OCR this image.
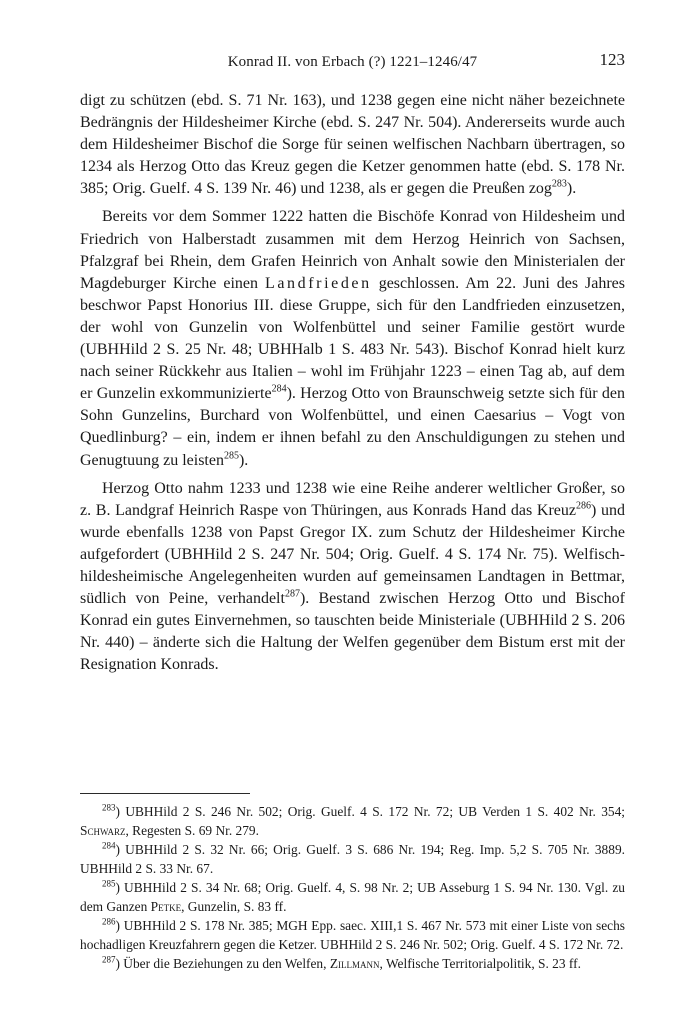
Konrad II. von Erbach (?) 1221–1246/47	123

digt zu schützen (ebd. S. 71 Nr. 163), und 1238 gegen eine nicht näher bezeichnete Bedrängnis der Hildesheimer Kirche (ebd. S. 247 Nr. 504). Andererseits wurde auch dem Hildesheimer Bischof die Sorge für seinen welfischen Nachbarn übertragen, so 1234 als Herzog Otto das Kreuz gegen die Ketzer genommen hatte (ebd. S. 178 Nr. 385; Orig. Guelf. 4 S. 139 Nr. 46) und 1238, als er gegen die Preußen zog$^{283}$).

Bereits vor dem Sommer 1222 hatten die Bischöfe Konrad von Hildesheim und Friedrich von Halberstadt zusammen mit dem Herzog Heinrich von Sachsen, Pfalzgraf bei Rhein, dem Grafen Heinrich von Anhalt sowie den Ministerialen der Magdeburger Kirche einen Landfrieden geschlossen. Am 22. Juni des Jahres beschwor Papst Honorius III. diese Gruppe, sich für den Landfrieden einzusetzen, der wohl von Gunzelin von Wolfenbüttel und seiner Familie gestört wurde (UBHHild 2 S. 25 Nr. 48; UBHHalb 1 S. 483 Nr. 543). Bischof Konrad hielt kurz nach seiner Rückkehr aus Italien – wohl im Frühjahr 1223 – einen Tag ab, auf dem er Gunzelin exkommunizierte$^{284}$). Herzog Otto von Braunschweig setzte sich für den Sohn Gunzelins, Burchard von Wolfenbüttel, und einen Caesarius – Vogt von Quedlinburg? – ein, indem er ihnen befahl zu den Anschuldigungen zu stehen und Genugtuung zu leisten$^{285}$).

Herzog Otto nahm 1233 und 1238 wie eine Reihe anderer weltlicher Großer, so z. B. Landgraf Heinrich Raspe von Thüringen, aus Konrads Hand das Kreuz$^{286}$) und wurde ebenfalls 1238 von Papst Gregor IX. zum Schutz der Hildesheimer Kirche aufgefordert (UBHHild 2 S. 247 Nr. 504; Orig. Guelf. 4 S. 174 Nr. 75). Welfisch-hildesheimische Angelegenheiten wurden auf gemeinsamen Landtagen in Bettmar, südlich von Peine, verhandelt$^{287}$). Bestand zwischen Herzog Otto und Bischof Konrad ein gutes Einvernehmen, so tauschten beide Ministeriale (UBHHild 2 S. 206 Nr. 440) – änderte sich die Haltung der Welfen gegenüber dem Bistum erst mit der Resignation Konrads.

$^{283}$) UBHHild 2 S. 246 Nr. 502; Orig. Guelf. 4 S. 172 Nr. 72; UB Verden 1 S. 402 Nr. 354; Schwarz, Regesten S. 69 Nr. 279.

$^{284}$) UBHHild 2 S. 32 Nr. 66; Orig. Guelf. 3 S. 686 Nr. 194; Reg. Imp. 5,2 S. 705 Nr. 3889. UBHHild 2 S. 33 Nr. 67.

$^{285}$) UBHHild 2 S. 34 Nr. 68; Orig. Guelf. 4, S. 98 Nr. 2; UB Asseburg 1 S. 94 Nr. 130. Vgl. zu dem Ganzen Petke, Gunzelin, S. 83 ff.

$^{286}$) UBHHild 2 S. 178 Nr. 385; MGH Epp. saec. XIII,1 S. 467 Nr. 573 mit einer Liste von sechs hochadligen Kreuzfahrern gegen die Ketzer. UBHHild 2 S. 246 Nr. 502; Orig. Guelf. 4 S. 172 Nr. 72.

$^{287}$) Über die Beziehungen zu den Welfen, Zillmann, Welfische Territorialpolitik, S. 23 ff.
